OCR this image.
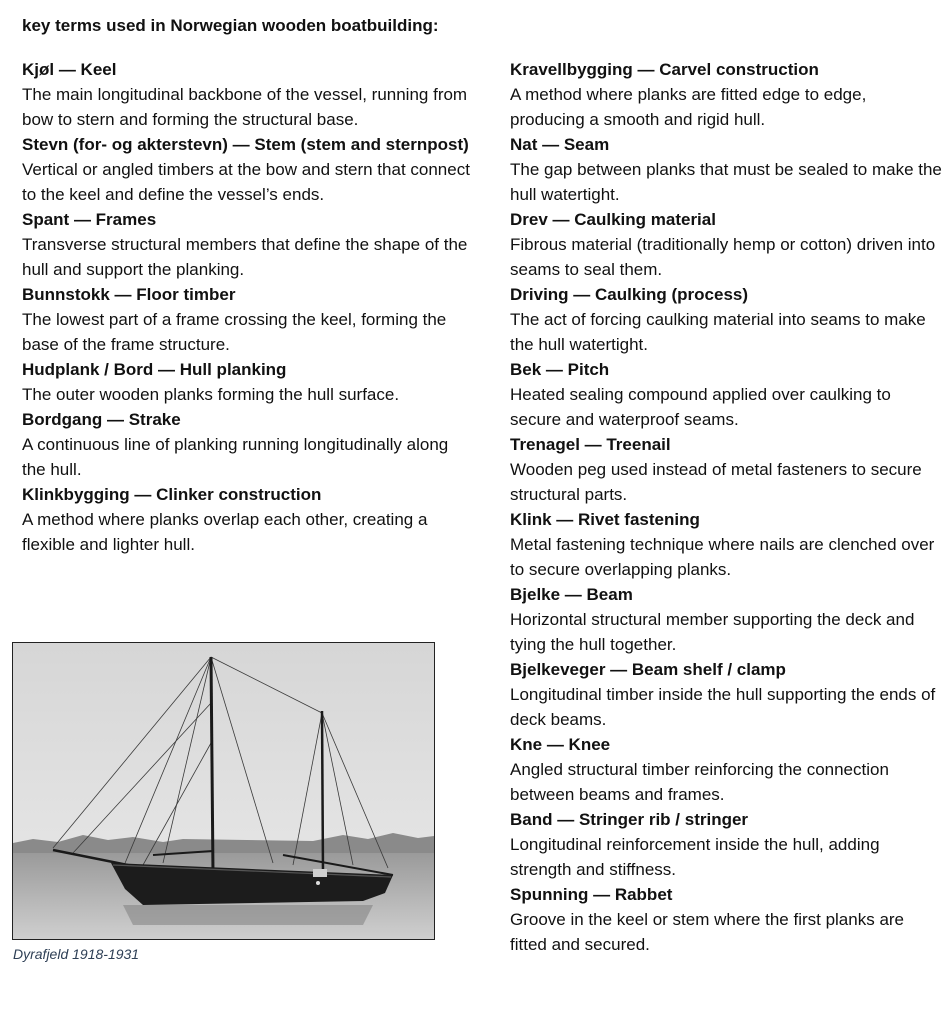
key terms used in Norwegian wooden boatbuilding:
Kjøl — Keel
The main longitudinal backbone of the vessel, running from bow to stern and forming the structural base.
Stevn (for- og akterstevn) — Stem (stem and sternpost)
Vertical or angled timbers at the bow and stern that connect to the keel and define the vessel’s ends.
Spant — Frames
Transverse structural members that define the shape of the hull and support the planking.
Bunnstokk — Floor timber
The lowest part of a frame crossing the keel, forming the base of the frame structure.
Hudplank / Bord — Hull planking
The outer wooden planks forming the hull surface.
Bordgang — Strake
A continuous line of planking running longitudinally along the hull.
Klinkbygging — Clinker construction
A method where planks overlap each other, creating a flexible and lighter hull.
Kravellbygging — Carvel construction
A method where planks are fitted edge to edge, producing a smooth and rigid hull.
Nat — Seam
The gap between planks that must be sealed to make the hull watertight.
Drev — Caulking material
Fibrous material (traditionally hemp or cotton) driven into seams to seal them.
Driving — Caulking (process)
The act of forcing caulking material into seams to make the hull watertight.
Bek — Pitch
Heated sealing compound applied over caulking to secure and waterproof seams.
Trenagel — Treenail
Wooden peg used instead of metal fasteners to secure structural parts.
Klink — Rivet fastening
Metal fastening technique where nails are clenched over to secure overlapping planks.
Bjelke — Beam
Horizontal structural member supporting the deck and tying the hull together.
Bjelkeveger — Beam shelf / clamp
Longitudinal timber inside the hull supporting the ends of deck beams.
Kne — Knee
Angled structural timber reinforcing the connection between beams and frames.
Band — Stringer rib / stringer
Longitudinal reinforcement inside the hull, adding strength and stiffness.
Spunning — Rabbet
Groove in the keel or stem where the first planks are fitted and secured.
Dyrafjeld 1918-1931
